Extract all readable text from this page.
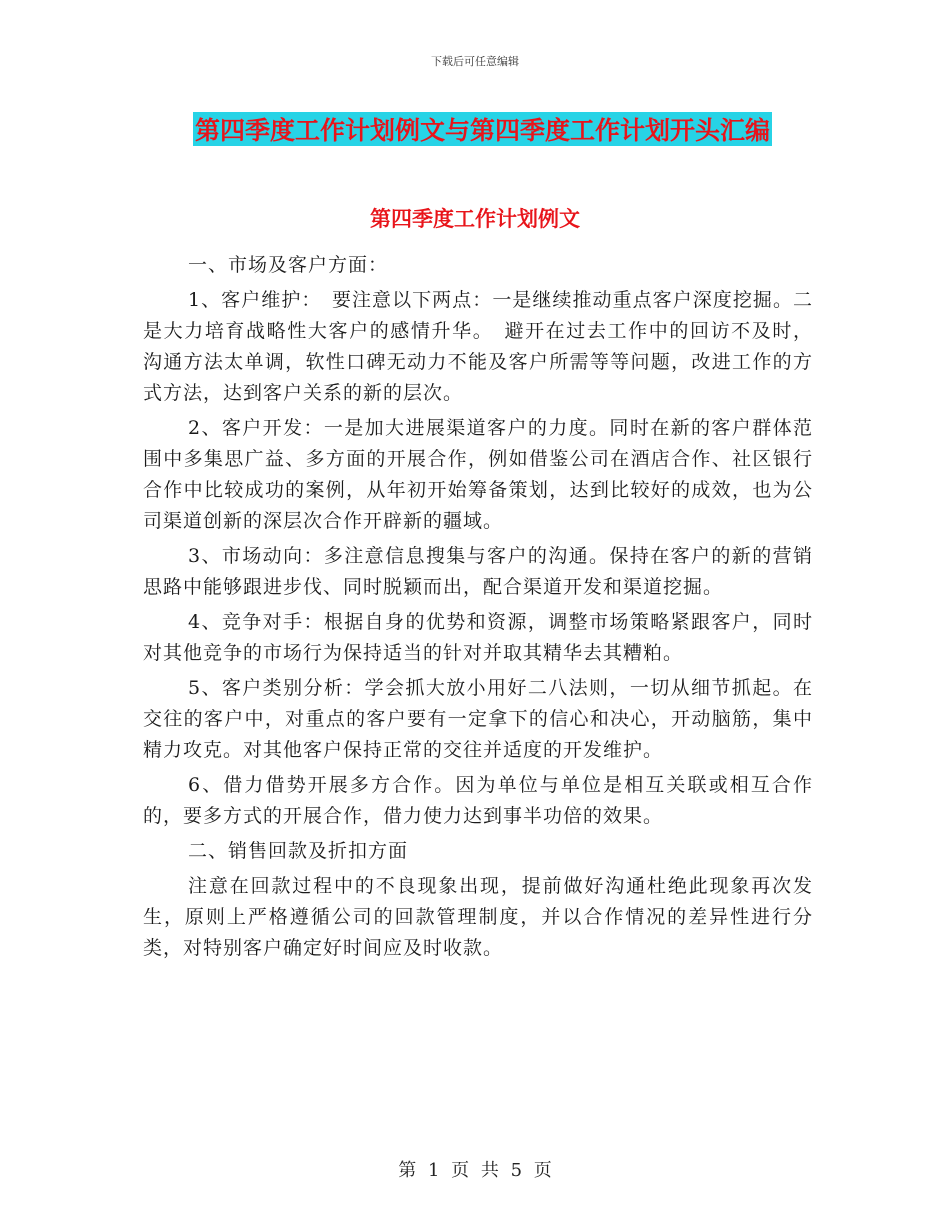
下载后可任意编辑
第四季度工作计划例文与第四季度工作计划开头汇编
第四季度工作计划例文

一、市场及客户方面：

1、客户维护：　要注意以下两点：一是继续推动重点客户深度挖掘。二是大力培育战略性大客户的感情升华。　避开在过去工作中的回访不及时，沟通方法太单调，软性口碑无动力不能及客户所需等等问题，改进工作的方式方法，达到客户关系的新的层次。

2、客户开发：一是加大进展渠道客户的力度。同时在新的客户群体范围中多集思广益、多方面的开展合作，例如借鉴公司在酒店合作、社区银行合作中比较成功的案例，从年初开始筹备策划，达到比较好的成效，也为公司渠道创新的深层次合作开辟新的疆域。

3、市场动向：多注意信息搜集与客户的沟通。保持在客户的新的营销思路中能够跟进步伐、同时脱颖而出，配合渠道开发和渠道挖掘。

4、竞争对手：根据自身的优势和资源，调整市场策略紧跟客户，同时对其他竞争的市场行为保持适当的针对并取其精华去其糟粕。

5、客户类别分析：学会抓大放小用好二八法则，一切从细节抓起。在交往的客户中，对重点的客户要有一定拿下的信心和决心，开动脑筋，集中精力攻克。对其他客户保持正常的交往并适度的开发维护。

6、借力借势开展多方合作。因为单位与单位是相互关联或相互合作的，要多方式的开展合作，借力使力达到事半功倍的效果。

二、销售回款及折扣方面

注意在回款过程中的不良现象出现，提前做好沟通杜绝此现象再次发生，原则上严格遵循公司的回款管理制度，并以合作情况的差异性进行分类，对特别客户确定好时间应及时收款。

第 1 页 共 5 页
